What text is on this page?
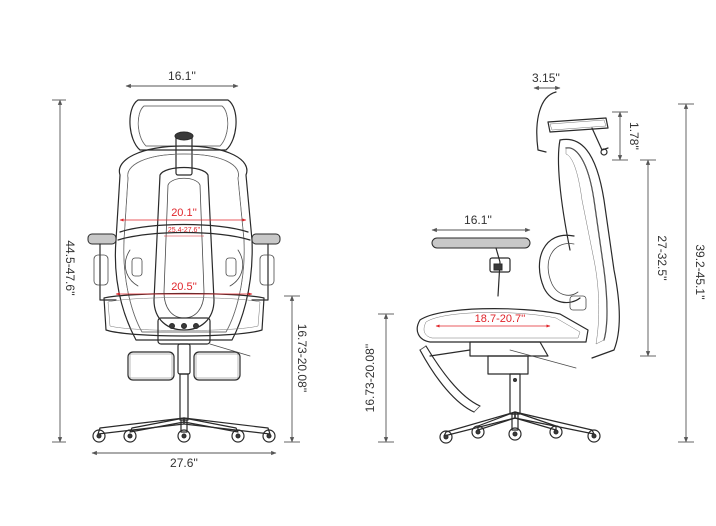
16.1''
44.5-47.6''
27.6''
16.73-20.08''
20.1''
25.4-27.6''
20.5''
3.15''
16.1''
16.73-20.08''
18.7-20.7''
1.78''
27-32.5'' 39.2-45.1''
